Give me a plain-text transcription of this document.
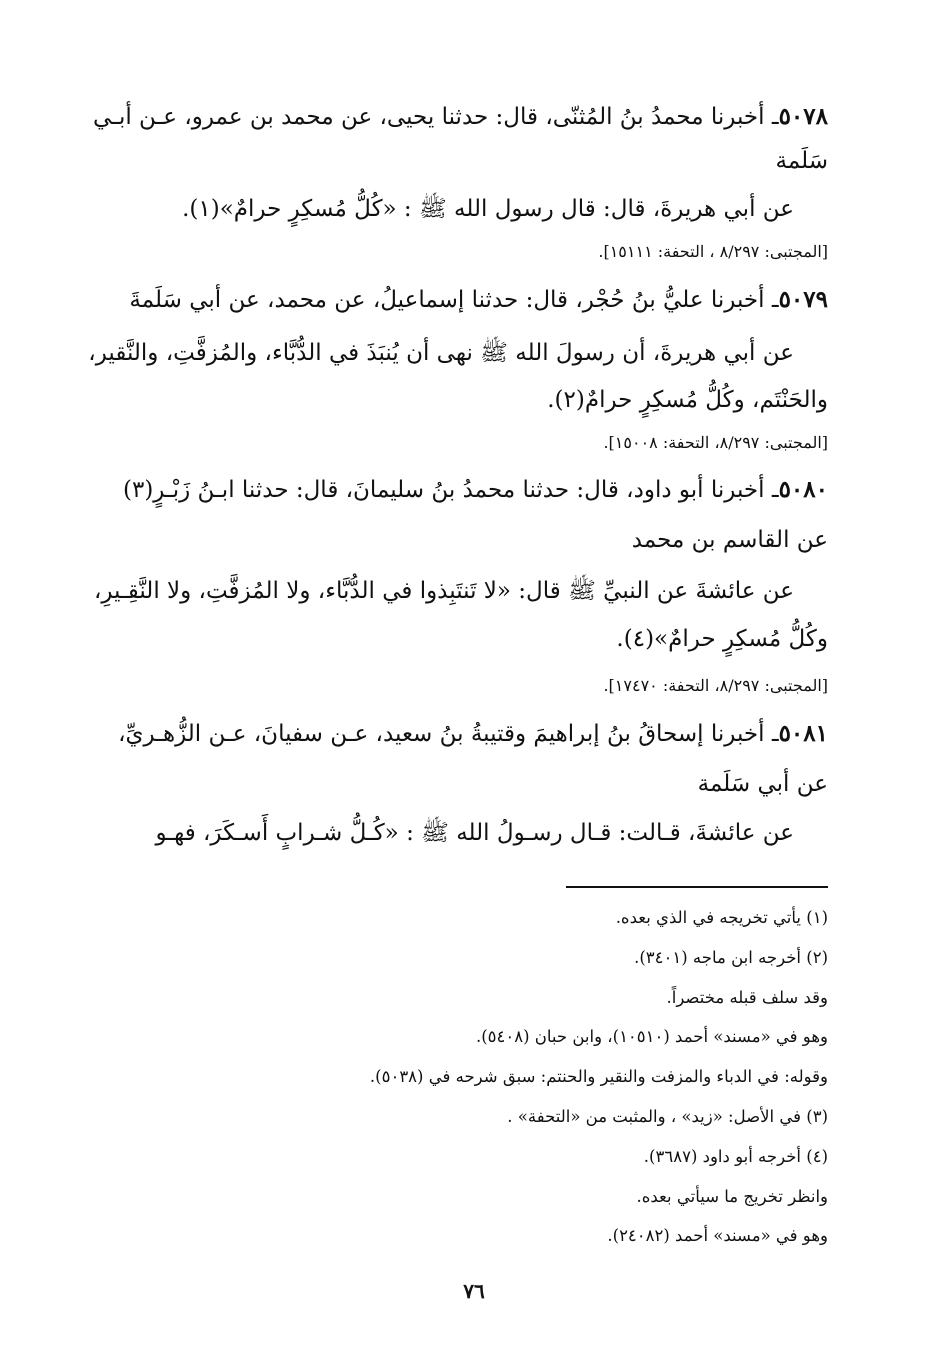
٥٠٧٨ـ أخبرنا محمدُ بنُ المُثنّى، قال: حدثنا يحيى، عن محمد بن عمرو، عـن أبـي
سَلَمة
عن أبي هريرةَ، قال: قال رسول الله ﷺ : «كُلُّ مُسكِرٍ حرامٌ»(١).
[المجتبى: ٨/٢٩٧ ، التحفة: ١٥١١١].
٥٠٧٩ـ أخبرنا عليُّ بنُ حُجْر، قال: حدثنا إسماعيلُ، عن محمد، عن أبي سَلَمةَ
عن أبي هريرةَ، أن رسولَ الله ﷺ نهى أن يُنبَذَ في الدُّبَّاء، والمُزفَّتِ، والنَّقير،
والحَنْتَم، وكُلُّ مُسكِرٍ حرامٌ(٢).
[المجتبى: ٨/٢٩٧، التحفة: ١٥٠٠٨].
٥٠٨٠ـ أخبرنا أبو داود، قال: حدثنا محمدُ بنُ سليمانَ، قال: حدثنا ابـنُ زَبْـرٍ(٣)
عن القاسم بن محمد
عن عائشةَ عن النبيِّ ﷺ قال: «لا تَنتَبِذوا في الدُّبَّاء، ولا المُزفَّتِ، ولا النَّقِـيرِ،
وكُلُّ مُسكِرٍ حرامٌ»(٤).
[المجتبى: ٨/٢٩٧، التحفة: ١٧٤٧٠].
٥٠٨١ـ أخبرنا إسحاقُ بنُ إبراهيمَ وقتيبةُ بنُ سعيد، عـن سفيانَ، عـن الزُّهـريِّ،
عن أبي سَلَمة
عن عائشةَ، قـالت: قـال رسـولُ الله ﷺ : «كُـلُّ شـرابٍ أَسـكَرَ، فهـو
(١) يأتي تخريجه في الذي بعده.
(٢) أخرجه ابن ماجه (٣٤٠١).
وقد سلف قبله مختصراً.
وهو في «مسند» أحمد (١٠٥١٠)، وابن حبان (٥٤٠٨).
وقوله: في الدباء والمزفت والنقير والحنتم: سبق شرحه في (٥٠٣٨).
(٣) في الأصل: «زيد» ، والمثبت من «التحفة» .
(٤) أخرجه أبو داود (٣٦٨٧).
وانظر تخريج ما سيأتي بعده.
وهو في «مسند» أحمد (٢٤٠٨٢).
٧٦
